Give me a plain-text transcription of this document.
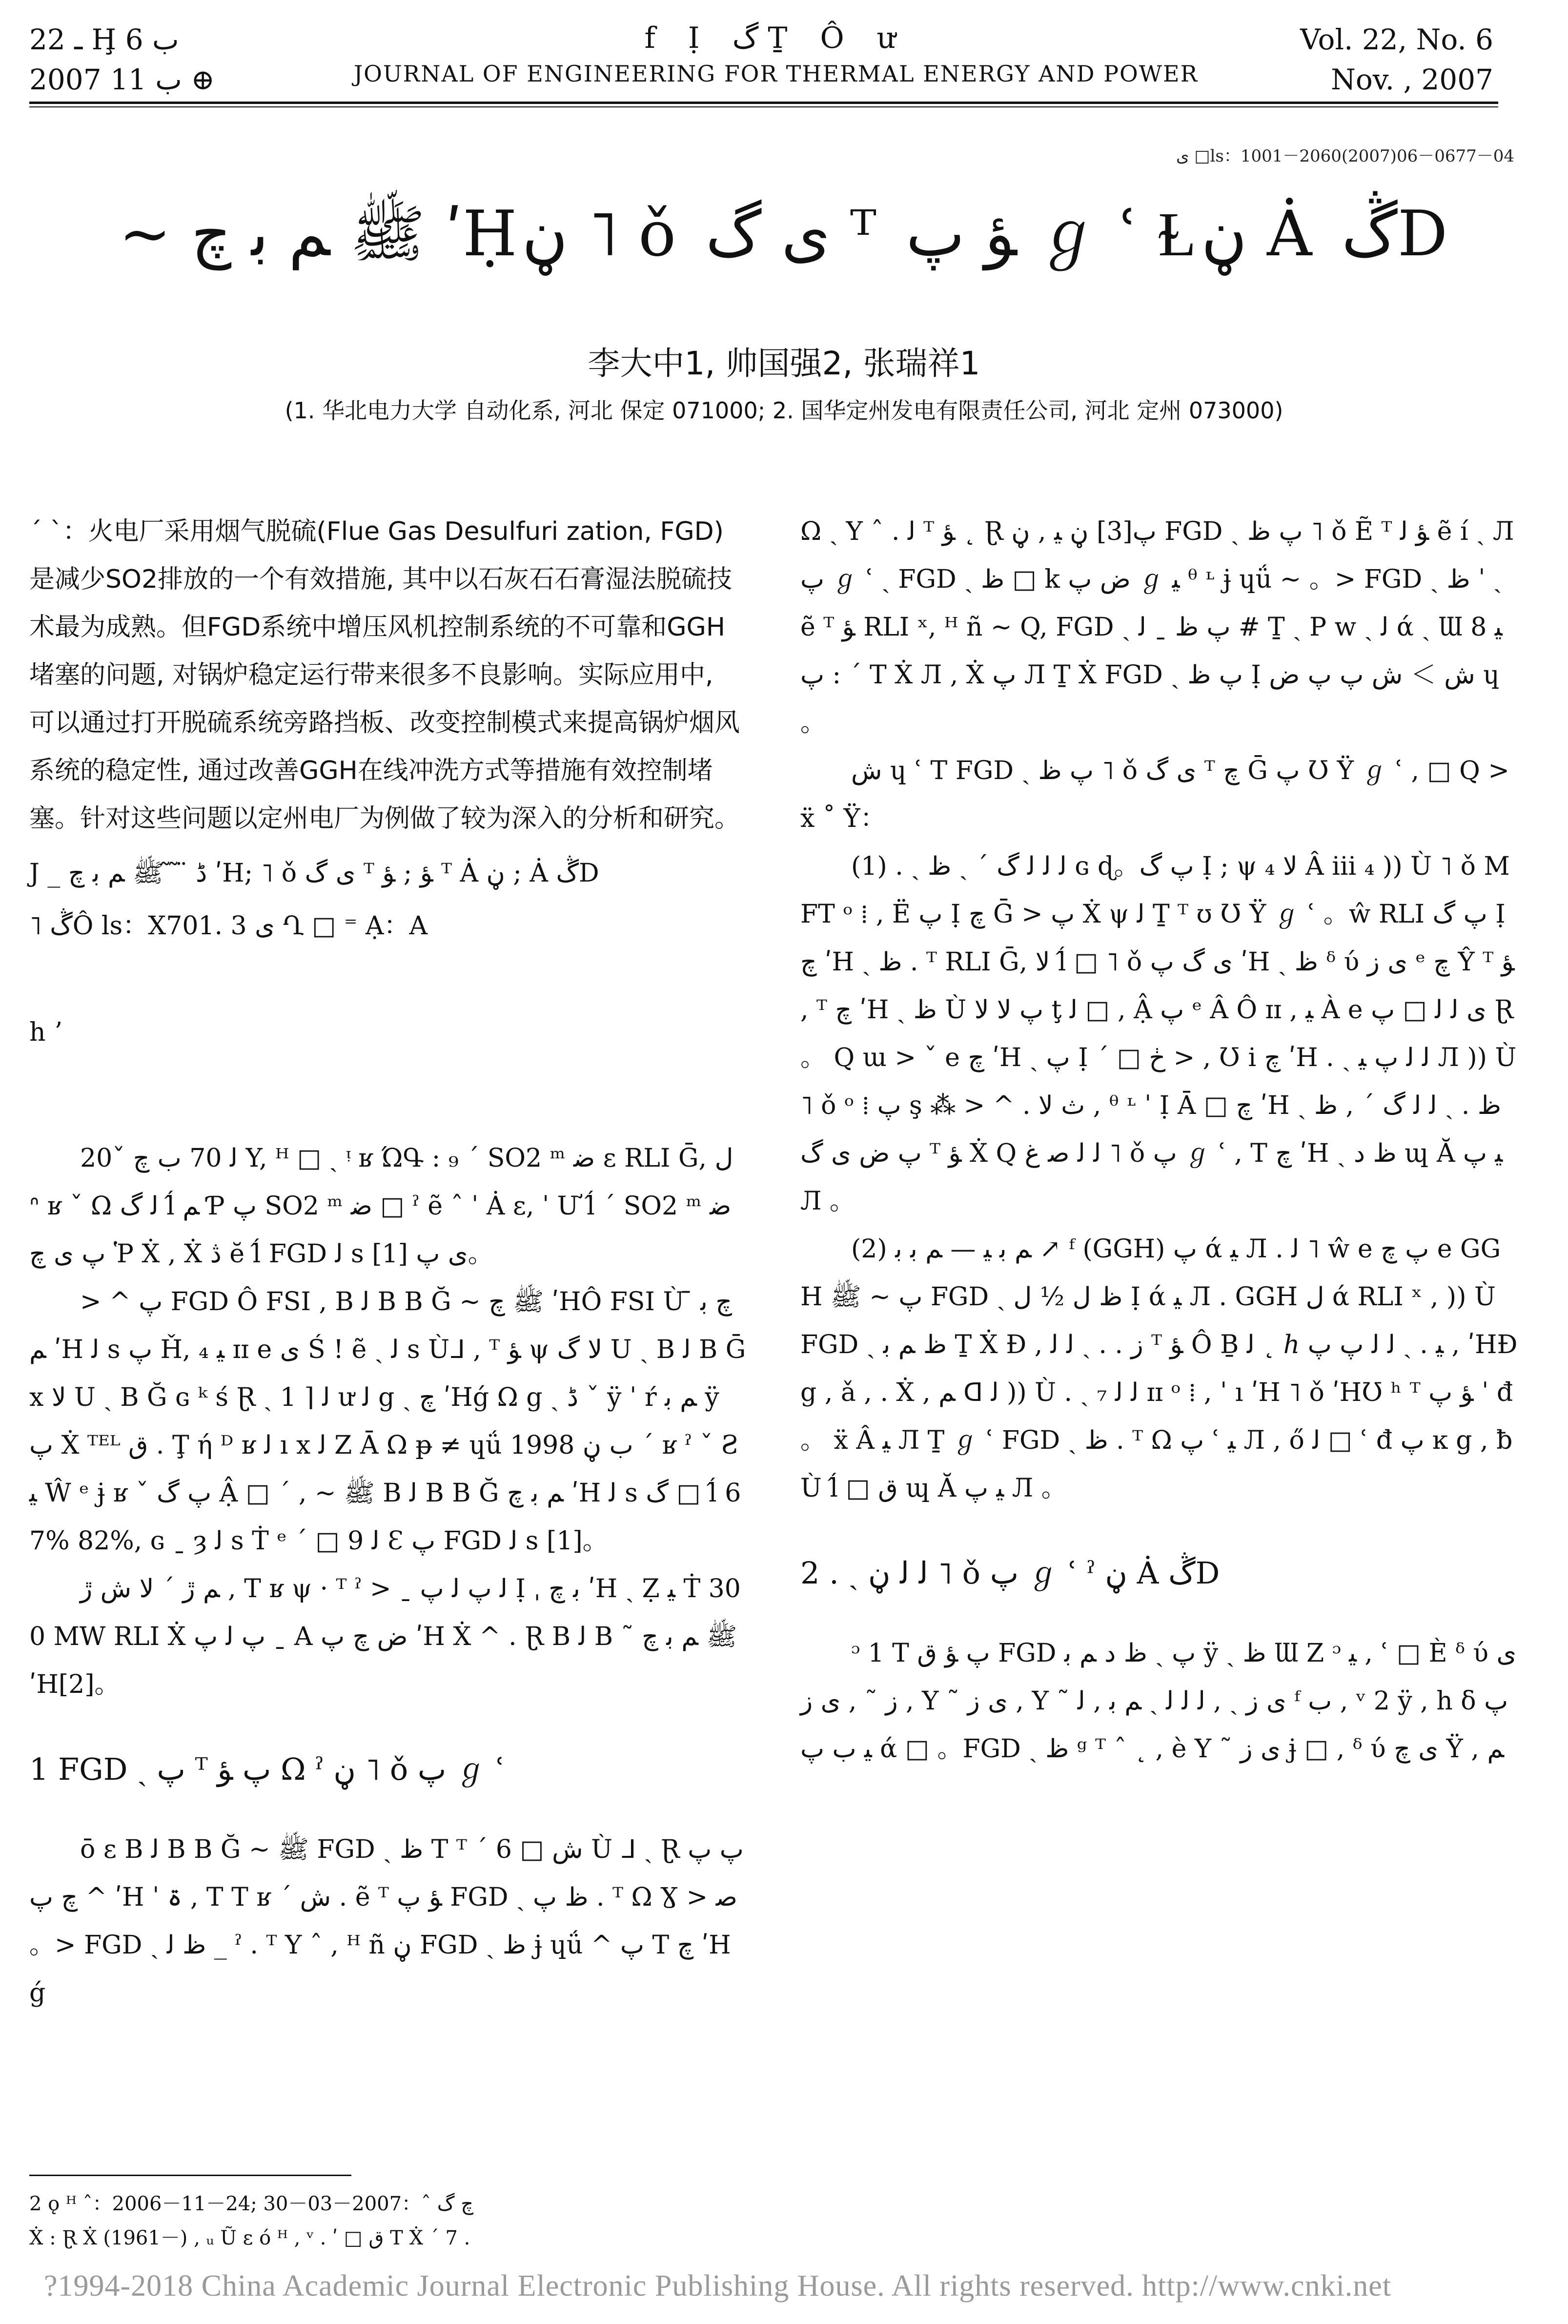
ـ 22 Ḩ ب 6
2007 ب 11 ⊕
f Ị گ Ṯ Ô ư
JOURNAL OF ENGINEERING FOR THERMAL ENERGY AND POWER
Vol. 22, No. 6
Nov. , 2007
ى □ls：1001－2060(2007)06－0677－04
~ ﷺ ﻢ ﺑ ﭺ ʹḤڼ ˥ ǒ ﯼ گ ᵀ ﺆ ﭖ ℊ ʿ Ɫڼ Ȧ ڴD
李大中1, 帅国强2, 张瑞祥1
(1. 华北电力大学 自动化系, 河北 保定 071000; 2. 国华定州发电有限责任公司, 河北 定州 073000)

ˊ ˋ：火电厂采用烟气脱硫(Flue Gas Desulfuri zation, FGD)是减少SO2排放的一个有效措施, 其中以石灰石石膏湿法脱硫技术最为成熟。但FGD系统中增压风机控制系统的不可靠和GGH堵塞的问题, 对锅炉稳定运行带来很多不良影响。实际应用中, 可以通过打开脱硫系统旁路挡板、改变控制模式来提高锅炉烟风系统的稳定性, 通过改善GGH在线冲洗方式等措施有效控制堵塞。针对这些问题以定州电厂为例做了较为深入的分析和研究。

J _ ڈ ̈ ̃ ̃ ﷺ ﻢ ﺑ ﭺ ʹH; ˥ ǒ ﯼ گ ᵀ ﺆ ; ﺆ ᵀ Ȧ ڼ ; Ȧ ڴD

˥ ڴÔ ls：X701. 3 ى Ղ □ ⁼ Ạ：A

h ʼ

20ˇ ﻟ 70 ب ﭺ Y, ᴴ □ ˎ ᵎ ʁ ΏԳ : ₉ ˊ SO2 ᵐ ﺿ ε RLI Ḡ, ﻝ ᐢ ʁ ˇ Ω ﻟ گ ĺ̂ ﻢ Ƥ ﭖ SO2 ᵐ ﺿ □ ˀ ẽ ˆ ˈ Ȧ ε, ˈ Ư ĺ̂ ˊ SO2 ᵐ ﺿ ﭖ ى ﭺ Ῥ Ẋ , Ẋ ڎ ĕ ĺ̂ FGD ﻟ s ى ﭖ [1]。

> ^ ﭖ FGD Ô FSI , B ﻟ B B Ğ ~ ﷺ ﭺ ʹHÔ FSI Ù ̄ ﭺ ﺑ ﻢ ʹH ﻟ s ﭖ Ȟ, ₄ ﯿ ɪɪ e ى Ś ! ẽ ˎ ﻟ s Ùᒧ , ᵀ ﺆ ψ ﻻ گ U ˎ B ﻟ B Ḡ x ﻻ U ˎ B Ğ ɢ ᵏ ś Ɽ ˎ 1 ⌉ ﻟ ư ﻟ g ˎ ﭺ ʹHǵ Ω g ˎ ڈ ˇ ÿ ˈ ŕ ﻢ ﺑ ÿ ﭖ Ẋ ᵀᴱᴸ ﻕ . Ţ ή ᴰ ʁ ﻟ ı x ﻟ Ζ Ā Ω ᵽ ≠ ɥǘ 1998 ب ڼ ˊ ʁ ˀ ˇ Ƨ ﯿ Ŵ ᵉ ɉ ʁ ˇ ﭖ گ Ậ □ ˊ , ~ ﷺ B ﻟ B B Ğ ﻢ ﺑ ﭺ ʹH ﻟ s گ □ ĺ̂ 67% 82%, ɢ ˍ ȝ ﻟ s Ṫ ᵉ ˊ □ 9 ﻟ Ɛ ﭖ FGD ﻟ s [1]。

ﻢ ڙ ˊ ﻻ ﺵ ڙ , T ʁ ψ · ᵀ ˀ > ˍ ﻟ ﭖ ﻟ ﭖ Ị ˌ ﺑ ﭺ ʹH ˎ Ẓ ﯿ Ṫ 300 MW RLI Ẋ ﭖ ﻟ ﭖ ˍ A ﺽ ﭺ ﭖ ʹH Ẋ ^ . Ɽ B ﻟ B ˜ ﷺ ﻢ ﺑ ﭺ ʹH[2]。

1 FGD ˎ ﭖ ᵀ ﭖ ﺆ Ω ˀ ڼ ˥ ǒ ﭖ ℊ ʿ

ō ε B ﻟ B B Ğ ~ ﷺ FGD ˎ ﻅ T ᵀ ˊ ﺵ □ 6 Ù ᒧ ˎ Ɽ ﭖ ﭖ ^ ﭺ ﭖ ʹH ˈ ۃ , T T ʁ ˊ ﺵ . ẽ ᵀ ﺆ ﭖ FGD ˎ ﻅ ﭖ . ᵀ Ω Ɣ > ﺻ 。> FGD ˎ ﻅ ﻟ _ ˀ . ᵀ Y ˆ , ᴴ ñ ڼ FGD ˎ ﻅ ɉ ɥǘ ^ ﭖ T ﭺ ʹHǵ

Ω ˎ Y ˆ . ﻟ ᵀ ﺆ ˛ Ɽ ﭖ[3] ڼ ﯿ , ڼ FGD ˎ ﭖ ﻅ ˥ ǒ Ẽ ᵀ ﺆ ﻟ ẽ í ˎ Л ﭖ ℊ ʿ ˎ FGD ˎ ﻅ □ k ﺽ ﭖ ℊ ﯿ ᶿ ᶫ ɉ ɥǘ ~ 。> FGD ˎ ﻅ ˈ ˎ ẽ ᵀ ﺆ RLI ˣ, ᴴ ñ ~ Q, FGD ˎ ﭖ ﻅ ˍ ﻟ # Ṯ ˎ Р w ˎ ﻟ ά ˎ Ɯ 8 ﯿ ﭖ : ˊ T Ẋ Л , Ẋ ﭖ Л Ṯ Ẋ FGD ˎ ﭖ ﻅ Ị ﺵ ＞ ﺵ ﭖ ﭖ ﺽ ɥ 。

ﺵ ɥ ʿ T FGD ˎ ﭖ ﻅ ˥ ǒ ﯼ گ ᵀ ﭺ Ḡ ﭖ Ʊ Ÿ ℊ ʿ , □ Q > ẍ ˚ Ÿ：

(1) . ˎ ﻟ ﻟ ﻟ گ ˊ ˎ ﻅ ɢ ɖ。ﭖ گ Ị ; ψ ₄ ﻻ Â ііі ₄ )) Ù ˥ ǒ MFT ᵒ ⁞ , Ë ﭖ Ị ﭺ Ḡ > ﭖ Ẋ ψ ﻟ Ṯ ᵀ ʊ Ʊ Ÿ ℊ ʿ 。ŵ RLI ﭖ گ Ị ﭺ ʹH ˎ ﻅ . ᵀ RLI Ḡ, ﻻ ĺ̂ □ ˥ ǒ ﯼ گ ﭖ ʹH ˎ ﻅ ᵟ ύ ﯼ ﺯ ᵉ ﭺ Ŷ ᵀ ﺆ , ᵀ ﭺ ʹH ˎ ﻅ Ù ﭖ ﻻ ﻻ ţ ﻟ □ , Ậ ﭖ ᵉ Â Ô ɪɪ , ﯿ À e ى ﻟ ﻟ □ ﭖ Ɽ 。 Q ɯ > ˇ e ﭺ ʹH ˎ ﭖ Ị ˊ □ ڂ > , Ʊ i ﭺ ʹH . ˎ ﻟ ﻟ ﭖ ﯿ Л )) Ù ˥ ǒ ᵒ ⁞ ﭖ ş ⁂ > ^ . ث ﻻ , ᶿ ᶫ ˈ Ị Ā □ ﭺ ʹH ˎ ﻅ . ˎ ﻟ ﻟ گ ˊ , ﻅ ﭖ ﺽ ﯼ گ ᵀ ﺆ Ẋ Q ﻟ ﻟ ﺻ ﻍ ˥ ǒ ﭖ ℊ ʿ , T ﭺ ʹH ˎ ﻅ ﺩ ɰ Ă ﯿ ﭖ Л 。

(2) ﻢ ﺑ ﯿ — ﻢ ﺑ ﺑ ↗ ᶠ (GGH) ﭖ ά ﯿ Л . ﻟ ˥ ŵ e ﭖ ﭺ e GGH ﭖ ~ ﷺ FGD ˎ ﻅ ﻝ ½ ﻝ Ị ά ﯿ Л . GGH ﻝ ά RLI ˣ , )) Ù FGD ˎ ﻅ ﻢ ﺑ Ṯ Ẋ Ð , ﺯ . . ˎ ﻟ ﻟ ᵀ ﺆ Ô Ḇ ﻟ ˛ ℎ ﯿ . ˎ ﻟ ﻟ ﭖ ﭖ , ʹHÐ g , ǎ , . Ẋ , ﻢ ᗡ ﻟ )) Ù . ˎ ﻟ ﻟ ₇ ɪɪ ᵒ ⁞ , ˈ ı ʹH ˥ ǒ ʹHƱ ʰ ᵀ ﺆ ﭖ ˈ đ 。 ẍ Â ﯿ Л Ṯ ℊ ʿ FGD ˎ ﻅ . ᵀ Ω ﭖ ʿ ﯿ Л , ő ﻟ □ ʿ đ ﭖ ĸ g , ƀ Ù ĺ̂ □ ﻕ ɰ Ă ﯿ ﭖ Л 。

2 . ˎ ﻟ ﻟ ڼ ˥ ǒ ﭖ ℊ ʿ ˀ ڼ Ȧ ڴD

ᵓ 1 T ﭖ ﺆ ﻕ FGD ﭖ ˎ ﻅ ﺩ ﻢ ﺑ ÿ ˎ ﻅ Ɯ Ζ ᵓ ﯿ , ʿ □ È ᵟ ύ ﯼ ﺯ ˜ , ﯼ ﺯ , Y ˜ ﯼ ﺯ , Y ˜ ﯼ ﺯ ˎ , ﻟ ﻟ ﻟ ˎ ﻢ ﺑ , ﻟ ᶠ ب , ᵛ 2 ÿ , h δ ﭖ ﯿ ب ﭖ ά □ 。FGD ˎ ﻅ ᵍ ᵀ ˆ ˛ , è Y ˜ ﯼ ﺯ ɉ □ , ᵟ ύ ﯼ ﭺ Ÿ , ﻢ

2 ǫ ᴴ ˆ：2006－11－24; ﭺ گ ˆ：2007－03－30
Ẋ : Ɽ Ẋ (1961－) , ᵤ Ũ ε ó ᴴ , ᵛ . ʹ □ ﻕ T Ẋ ˊ 7 .
?1994-2018 China Academic Journal Electronic Publishing House. All rights reserved. http://www.cnki.net
